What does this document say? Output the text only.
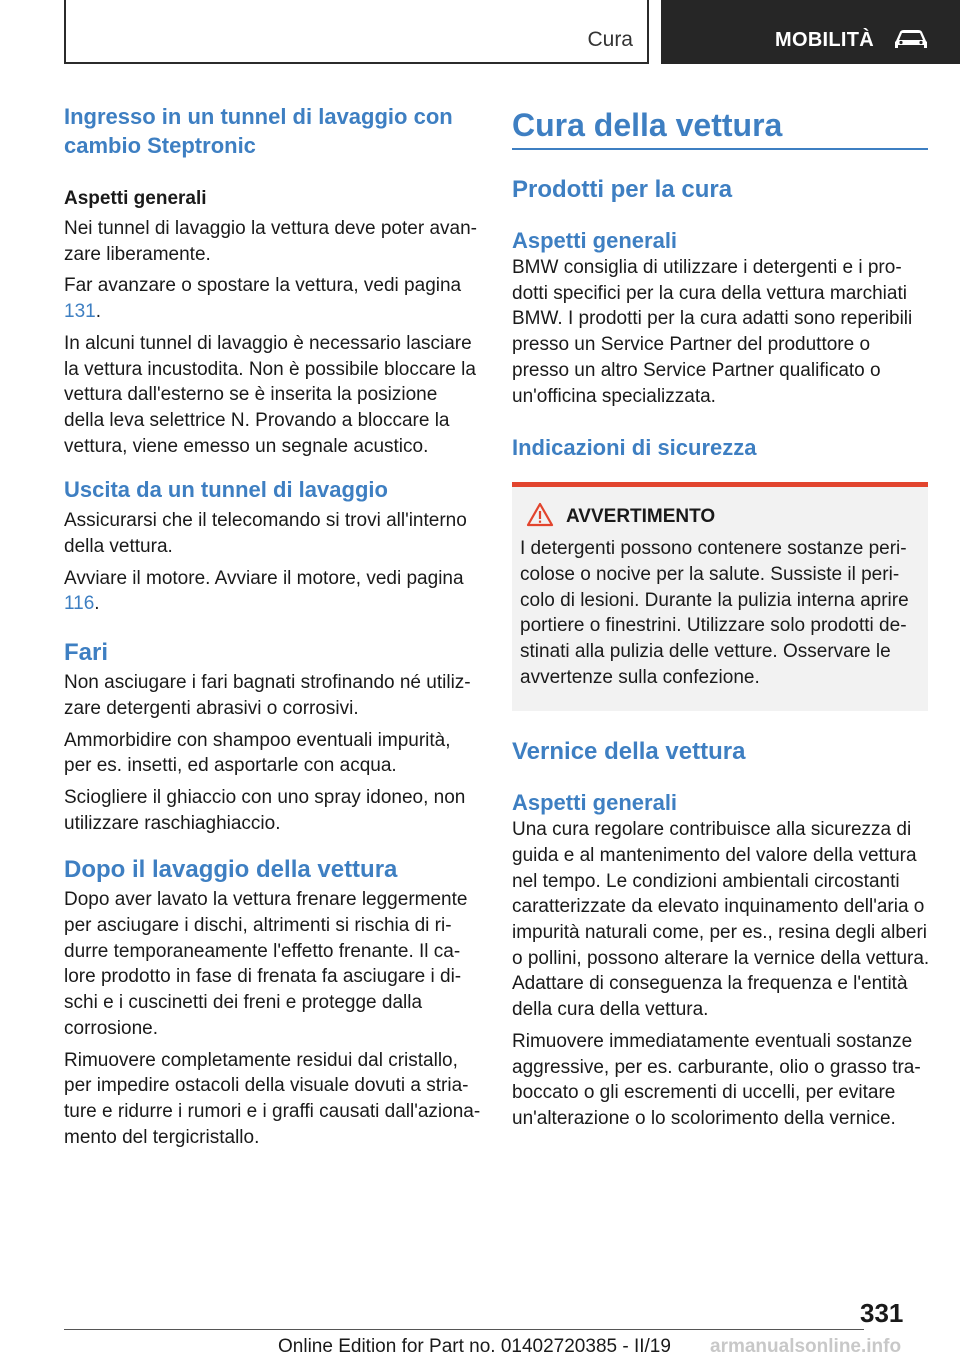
Cura	MOBILITÀ
Ingresso in un tunnel di lavaggio con cambio Steptronic
Aspetti generali

Nei tunnel di lavaggio la vettura deve poter avanzare liberamente.

Far avanzare o spostare la vettura, vedi pagina 131.

In alcuni tunnel di lavaggio è necessario lasciare la vettura incustodita. Non è possibile bloccare la vettura dall'esterno se è inserita la posizione della leva selettrice N. Provando a bloccare la vettura, viene emesso un segnale acustico.

Uscita da un tunnel di lavaggio

Assicurarsi che il telecomando si trovi all'interno della vettura.

Avviare il motore. Avviare il motore, vedi pagina 116.

Fari

Non asciugare i fari bagnati strofinando né utilizzare detergenti abrasivi o corrosivi.

Ammorbidire con shampoo eventuali impurità, per es. insetti, ed asportarle con acqua.

Sciogliere il ghiaccio con uno spray idoneo, non utilizzare raschiaghiaccio.

Dopo il lavaggio della vettura

Dopo aver lavato la vettura frenare leggermente per asciugare i dischi, altrimenti si rischia di ridurre temporaneamente l'effetto frenante. Il calore prodotto in fase di frenata fa asciugare i dischi e i cuscinetti dei freni e protegge dalla corrosione.

Rimuovere completamente residui dal cristallo, per impedire ostacoli della visuale dovuti a striature e ridurre i rumori e i graffi causati dall'azionamento del tergicristallo.

Cura della vettura
Prodotti per la cura
Aspetti generali

BMW consiglia di utilizzare i detergenti e i prodotti specifici per la cura della vettura marchiati BMW. I prodotti per la cura adatti sono reperibili presso un Service Partner del produttore o presso un altro Service Partner qualificato o un'officina specializzata.

Indicazioni di sicurezza
AVVERTIMENTO

I detergenti possono contenere sostanze pericolose o nocive per la salute. Sussiste il pericolo di lesioni. Durante la pulizia interna aprire portiere o finestrini. Utilizzare solo prodotti destinati alla pulizia delle vetture. Osservare le avvertenze sulla confezione.

Vernice della vettura
Aspetti generali

Una cura regolare contribuisce alla sicurezza di guida e al mantenimento del valore della vettura nel tempo. Le condizioni ambientali circostanti caratterizzate da elevato inquinamento dell'aria o impurità naturali come, per es., resina degli alberi o pollini, possono alterare la vernice della vettura. Adattare di conseguenza la frequenza e l'entità della cura della vettura.

Rimuovere immediatamente eventuali sostanze aggressive, per es. carburante, olio o grasso traboccato o gli escrementi di uccelli, per evitare un'alterazione o lo scolorimento della vernice.

331
Online Edition for Part no. 01402720385 - II/19 armanualsonline.info
